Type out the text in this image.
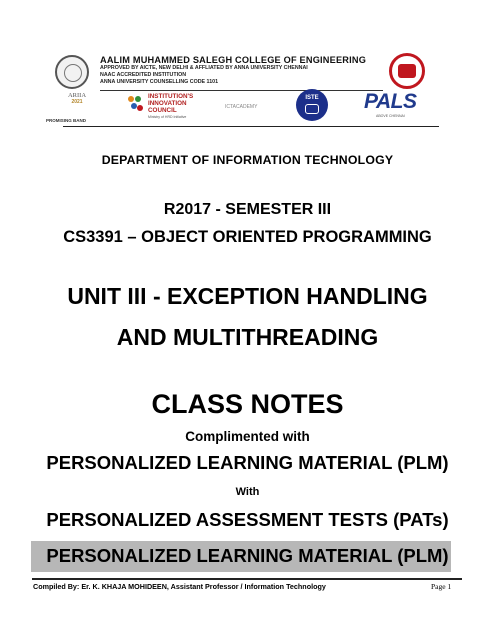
AALIM MUHAMMED SALEGH COLLEGE OF ENGINEERING
APPROVED BY AICTE, NEW DELHI & AFFLIATED BY ANNA UNIVERSITY CHENNAI
NAAC ACCREDITED INSTITUTION
ANNA UNIVERSITY COUNSELLING CODE 1101
ARIIA
2021
PROMISING BAND
INSTITUTION'S
INNOVATION
COUNCIL
Ministry of HRD Initiative
ICTACADEMY
ISTE	PALS
ABOVE CHENNAI
DEPARTMENT OF INFORMATION TECHNOLOGY
R2017 - SEMESTER III
CS3391 – OBJECT ORIENTED PROGRAMMING
UNIT III - EXCEPTION HANDLING
AND MULTITHREADING
CLASS NOTES
Complimented with
PERSONALIZED LEARNING MATERIAL (PLM)
With
PERSONALIZED ASSESSMENT TESTS (PATs)
PERSONALIZED LEARNING MATERIAL (PLM)
Compiled By: Er. K. KHAJA MOHIDEEN, Assistant Professor / Information Technology	Page 1
